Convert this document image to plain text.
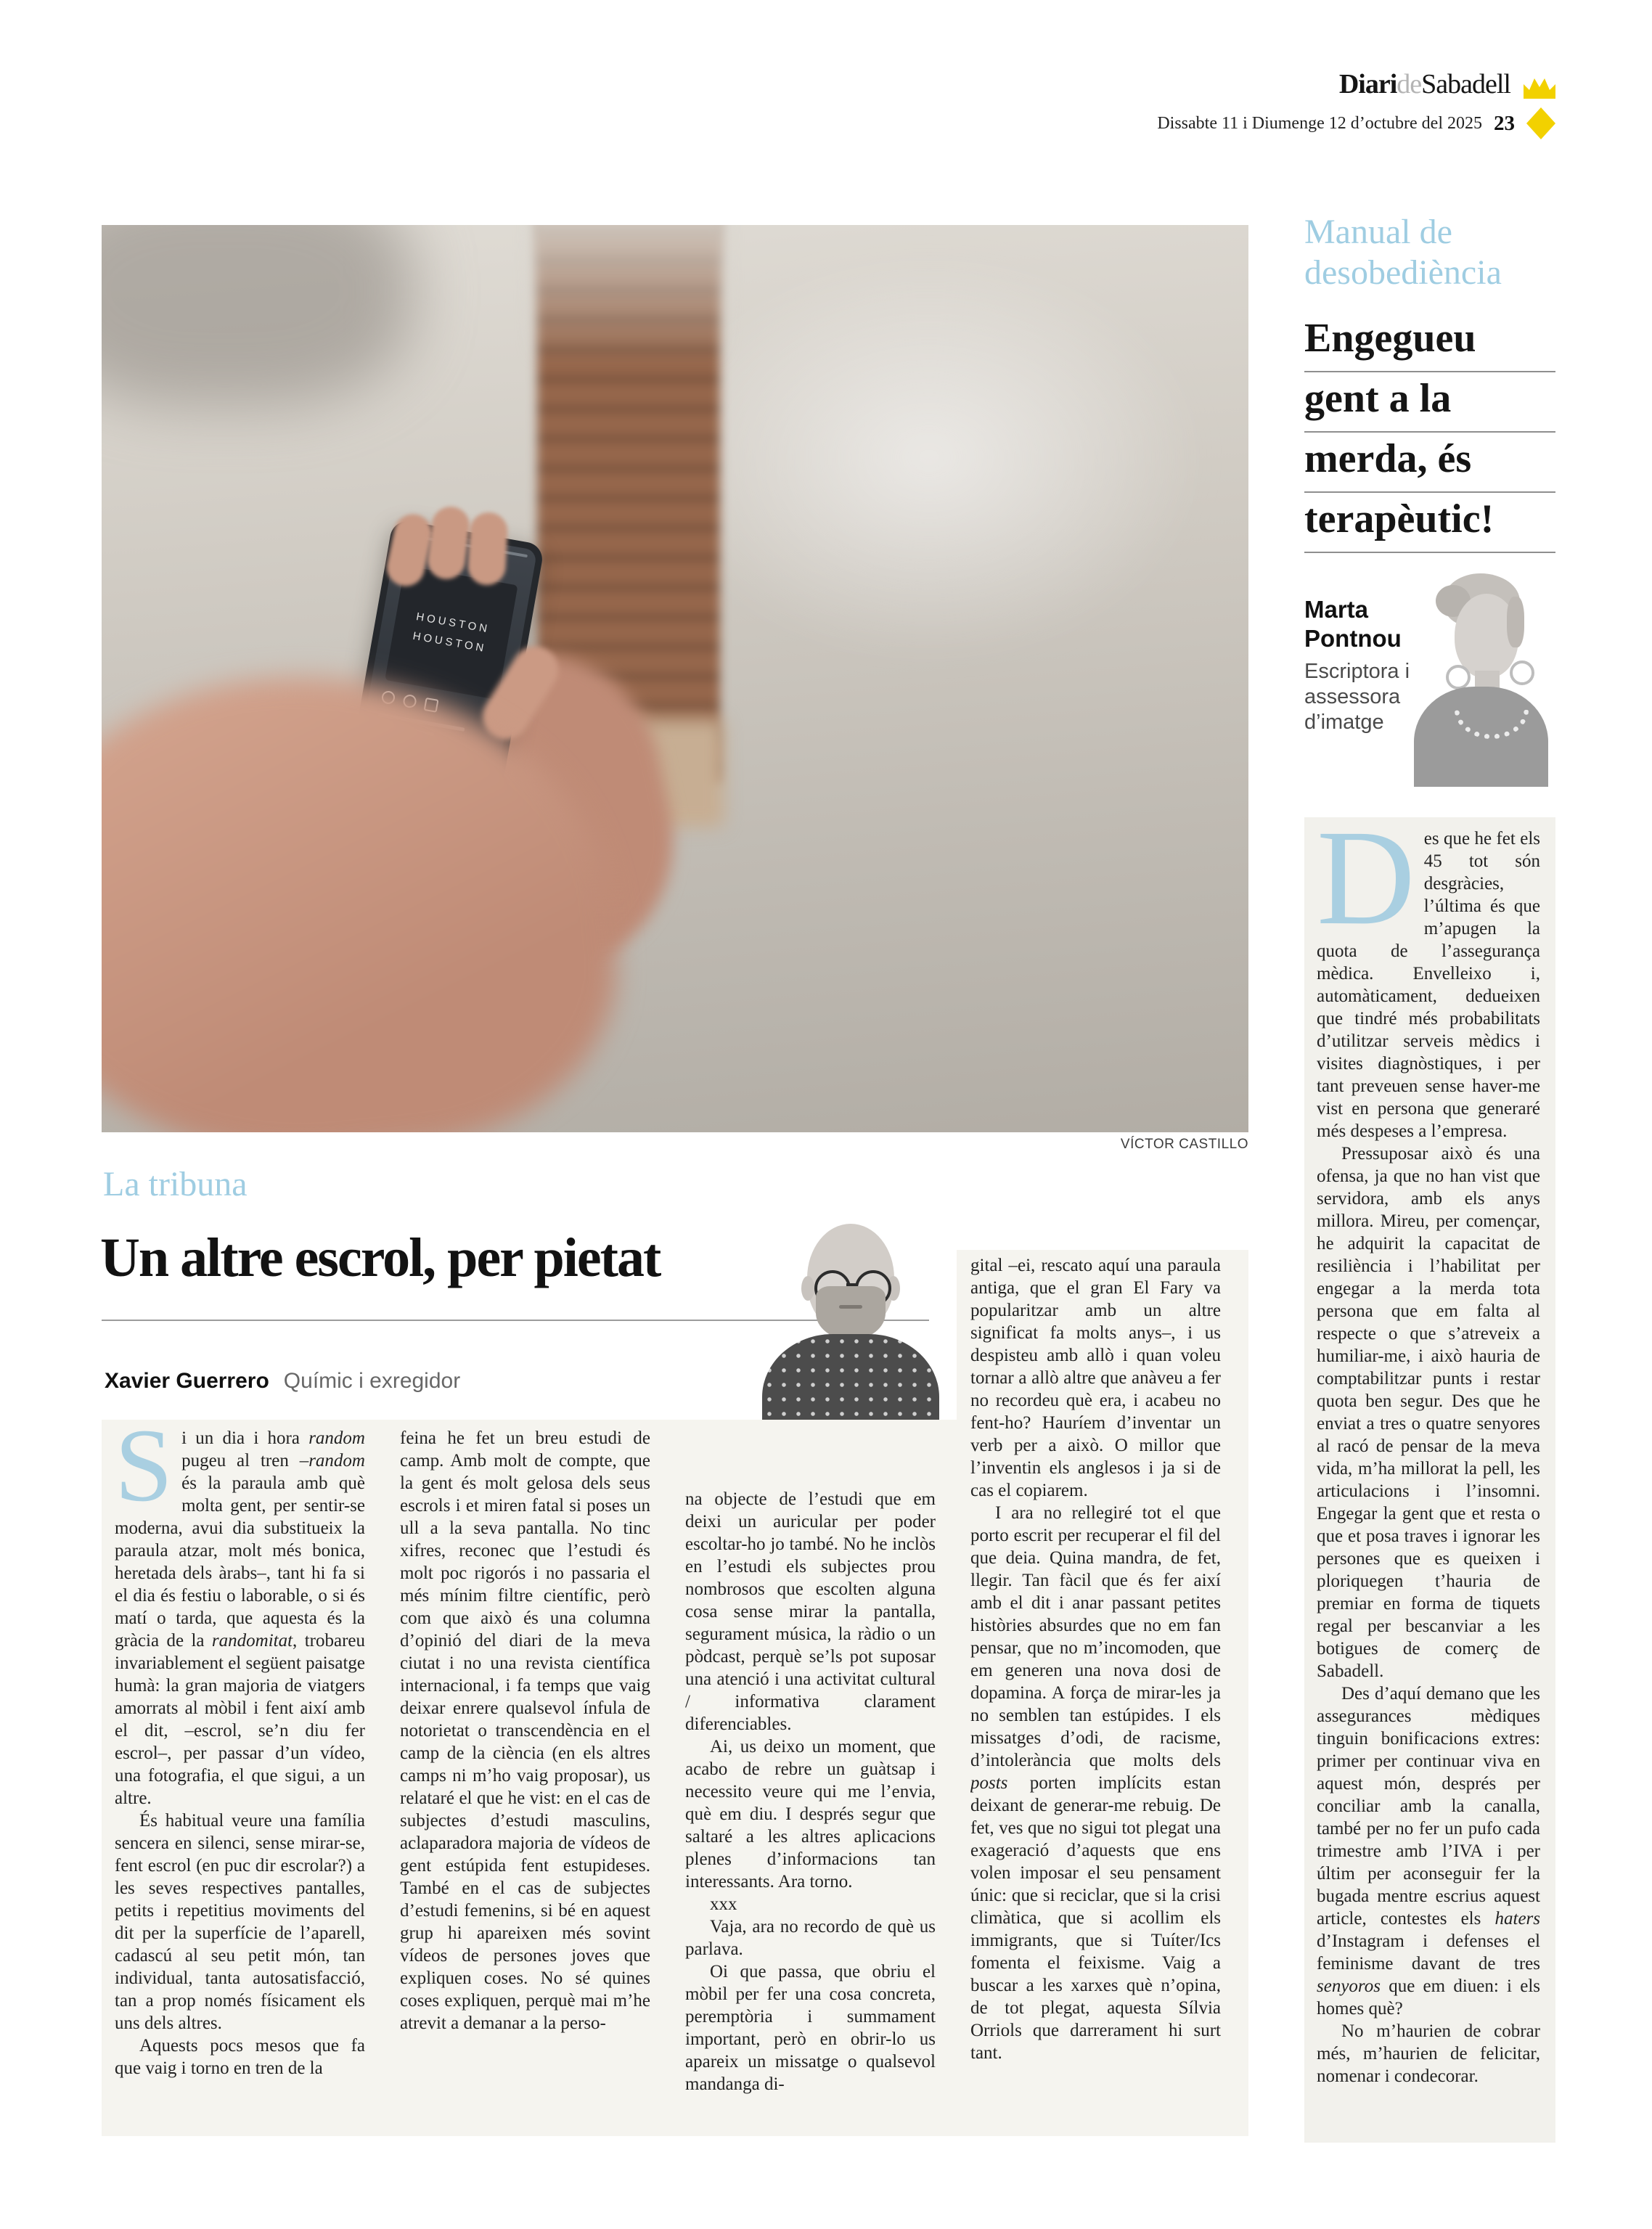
DiarideSabadell
Dissabte 11 i Diumenge 12 d’octubre del 2025 23
HOUSTON
HOUSTON
VÍCTOR CASTILLO
La tribuna
Un altre escrol, per pietat
Xavier Guerrero Químic i exregidor

Si un dia i hora random pugeu al tren –random és la paraula amb què molta gent, per sentir-se moderna, avui dia substitueix la paraula atzar, molt més bonica, heretada dels àrabs–, tant hi fa si el dia és festiu o laborable, o si és matí o tarda, que aquesta és la gràcia de la randomitat, trobareu invariablement el següent paisatge humà: la gran majoria de viatgers amorrats al mòbil i fent així amb el dit, –escrol, se’n diu fer escrol–, per passar d’un vídeo, una fotografia, el que sigui, a un altre.

És habitual veure una família sencera en silenci, sense mirar-se, fent escrol (en puc dir escrolar?) a les seves respectives pantalles, petits i repetitius moviments del dit per la superfície de l’aparell, cadascú al seu petit món, tan individual, tanta autosatisfacció, tan a prop només físicament els uns dels altres.

Aquests pocs mesos que fa que vaig i torno en tren de la

feina he fet un breu estudi de camp. Amb molt de compte, que la gent és molt gelosa dels seus escrols i et miren fatal si poses un ull a la seva pantalla. No tinc xifres, reconec que l’estudi és molt poc rigorós i no passaria el més mínim filtre científic, però com que això és una columna d’opinió del diari de la meva ciutat i no una revista científica internacional, i fa temps que vaig deixar enrere qualsevol ínfula de notorietat o transcendència en el camp de la ciència (en els altres camps ni m’ho vaig proposar), us relataré el que he vist: en el cas de subjectes d’estudi masculins, aclaparadora majoria de vídeos de gent estúpida fent estupideses. També en el cas de subjectes d’estudi femenins, si bé en aquest grup hi apareixen més sovint vídeos de persones joves que expliquen coses. No sé quines coses expliquen, perquè mai m’he atrevit a demanar a la perso-

na objecte de l’estudi que em deixi un auricular per poder escoltar-ho jo també. No he inclòs en l’estudi els subjectes prou nombrosos que escolten alguna cosa sense mirar la pantalla, segurament música, la ràdio o un pòdcast, perquè se’ls pot suposar una atenció i una activitat cultural / informativa clarament diferenciables.

Ai, us deixo un moment, que acabo de rebre un guàtsap i necessito veure qui me l’envia, què em diu. I després segur que saltaré a les altres aplicacions plenes d’informacions tan interessants. Ara torno.

xxx

Vaja, ara no recordo de què us parlava.

Oi que passa, que obriu el mòbil per fer una cosa concreta, peremptòria i summament important, però en obrir-lo us apareix un missatge o qualsevol mandanga di-

gital –ei, rescato aquí una paraula antiga, que el gran El Fary va popularitzar amb un altre significat fa molts anys–, i us despisteu amb allò i quan voleu tornar a allò altre que anàveu a fer no recordeu què era, i acabeu no fent-ho? Hauríem d’inventar un verb per a això. O millor que l’inventin els anglesos i ja si de cas el copiarem.

I ara no rellegiré tot el que porto escrit per recuperar el fil del que deia. Quina mandra, de fet, llegir. Tan fàcil que és fer així amb el dit i anar passant petites històries absurdes que no em fan pensar, que no m’incomoden, que em generen una nova dosi de dopamina. A força de mirar-les ja no semblen tan estúpides. I els missatges d’odi, de racisme, d’intolerància que molts dels posts porten implícits estan deixant de generar-me rebuig. De fet, ves que no sigui tot plegat una exageració d’aquests que ens volen imposar el seu pensament únic: que si reciclar, que si la crisi climàtica, que si acollim els immigrants, que si Tuíter/Ics fomenta el feixisme. Vaig a buscar a les xarxes què n’opina, de tot plegat, aquesta Sílvia Orriols que darrerament hi surt tant.

Manual de desobediència
Engegueu
gent a la
merda, és
terapèutic!
Marta
Pontnou
Escriptora i assessora d’imatge

Des que he fet els 45 tot són desgràcies, l’última és que m’apugen la quota de l’assegurança mèdica. Envelleixo i, automàticament, dedueixen que tindré més probabilitats d’utilitzar serveis mèdics i visites diagnòstiques, i per tant preveuen sense haver-me vist en persona que generaré més despeses a l’empresa.

Pressuposar això és una ofensa, ja que no han vist que servidora, amb els anys millora. Mireu, per començar, he adquirit la capacitat de resiliència i l’habilitat per engegar a la merda tota persona que em falta al respecte o que s’atreveix a humiliar-me, i això hauria de comptabilitzar punts i restar quota ben segur. Des que he enviat a tres o quatre senyores al racó de pensar de la meva vida, m’ha millorat la pell, les articulacions i l’insomni. Engegar la gent que et resta o que et posa traves i ignorar les persones que es queixen i ploriquegen t’hauria de premiar en forma de tiquets regal per bescanviar a les botigues de comerç de Sabadell.

Des d’aquí demano que les assegurances mèdiques tinguin bonificacions extres: primer per continuar viva en aquest món, després per conciliar amb la canalla, també per no fer un pufo cada trimestre amb l’IVA i per últim per aconseguir fer la bugada mentre escrius aquest article, contestes els haters d’Instagram i defenses el feminisme davant de tres senyoros que em diuen: i els homes què?

No m’haurien de cobrar més, m’haurien de felicitar, nomenar i condecorar.
